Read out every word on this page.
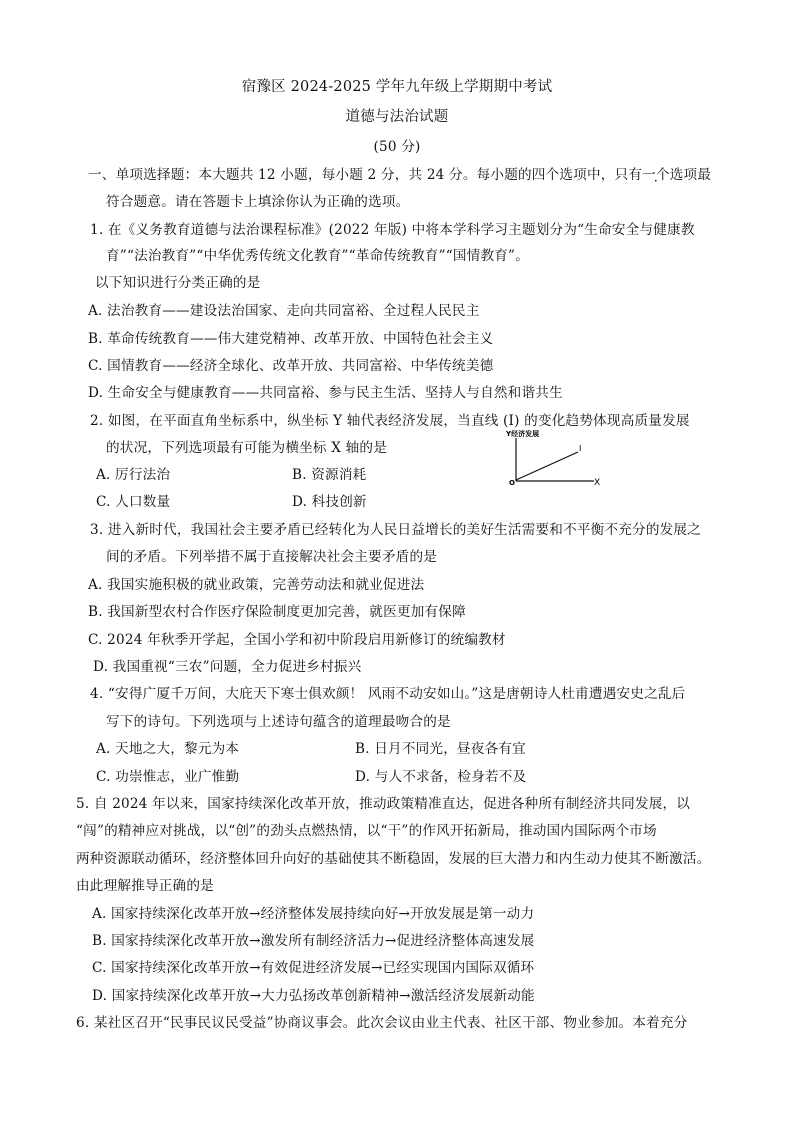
宿豫区 2024-2025 学年九年级上学期期中考试
道德与法治试题
(50 分)
一、单项选择题：本大题共 12 小题，每小题 2 分，共 24 分。每小题的四个选项中，只有一个选项最
符合题意。请在答题卡上填涂你认为正确的选项。
1. 在《义务教育道德与法治课程标准》(2022 年版) 中将本学科学习主题划分为“生命安全与健康教
育”“法治教育”“中华优秀传统文化教育”“革命传统教育”“国情教育”。
以下知识进行分类正确的是
A. 法治教育——建设法治国家、走向共同富裕、全过程人民民主
B. 革命传统教育——伟大建党精神、改革开放、中国特色社会主义
C. 国情教育——经济全球化、改革开放、共同富裕、中华传统美德
D. 生命安全与健康教育——共同富裕、参与民主生活、坚持人与自然和谐共生
2. 如图，在平面直角坐标系中，纵坐标 Y 轴代表经济发展，当直线 (I) 的变化趋势体现高质量发展
的状况，下列选项最有可能为横坐标 X 轴的是
A. 厉行法治	B. 资源消耗
C. 人口数量	D. 科技创新
Y经济发展
I
O	X
3. 进入新时代，我国社会主要矛盾已经转化为人民日益增长的美好生活需要和不平衡不充分的发展之
间的矛盾。下列举措不属于直接解决社会主要矛盾的是
A. 我国实施积极的就业政策，完善劳动法和就业促进法
B. 我国新型农村合作医疗保险制度更加完善，就医更加有保障
C. 2024 年秋季开学起，全国小学和初中阶段启用新修订的统编教材
D. 我国重视“三农”问题，全力促进乡村振兴
4. “安得广厦千万间，大庇天下寒士俱欢颜！ 风雨不动安如山。”这是唐朝诗人杜甫遭遇安史之乱后
写下的诗句。下列选项与上述诗句蕴含的道理最吻合的是
A. 天地之大，黎元为本	B. 日月不同光，昼夜各有宜
C. 功崇惟志，业广惟勤	D. 与人不求备，检身若不及
5. 自 2024 年以来，国家持续深化改革开放，推动政策精准直达，促进各种所有制经济共同发展，以
“闯”的精神应对挑战，以“创”的劲头点燃热情，以“干”的作风开拓新局，推动国内国际两个市场
两种资源联动循环，经济整体回升向好的基础使其不断稳固，发展的巨大潜力和内生动力使其不断激活。
由此理解推导正确的是
A. 国家持续深化改革开放→经济整体发展持续向好→开放发展是第一动力
B. 国家持续深化改革开放→激发所有制经济活力→促进经济整体高速发展
C. 国家持续深化改革开放→有效促进经济发展→已经实现国内国际双循环
D. 国家持续深化改革开放→大力弘扬改革创新精神→激活经济发展新动能
6. 某社区召开“民事民议民受益”协商议事会。此次会议由业主代表、社区干部、物业参加。本着充分
